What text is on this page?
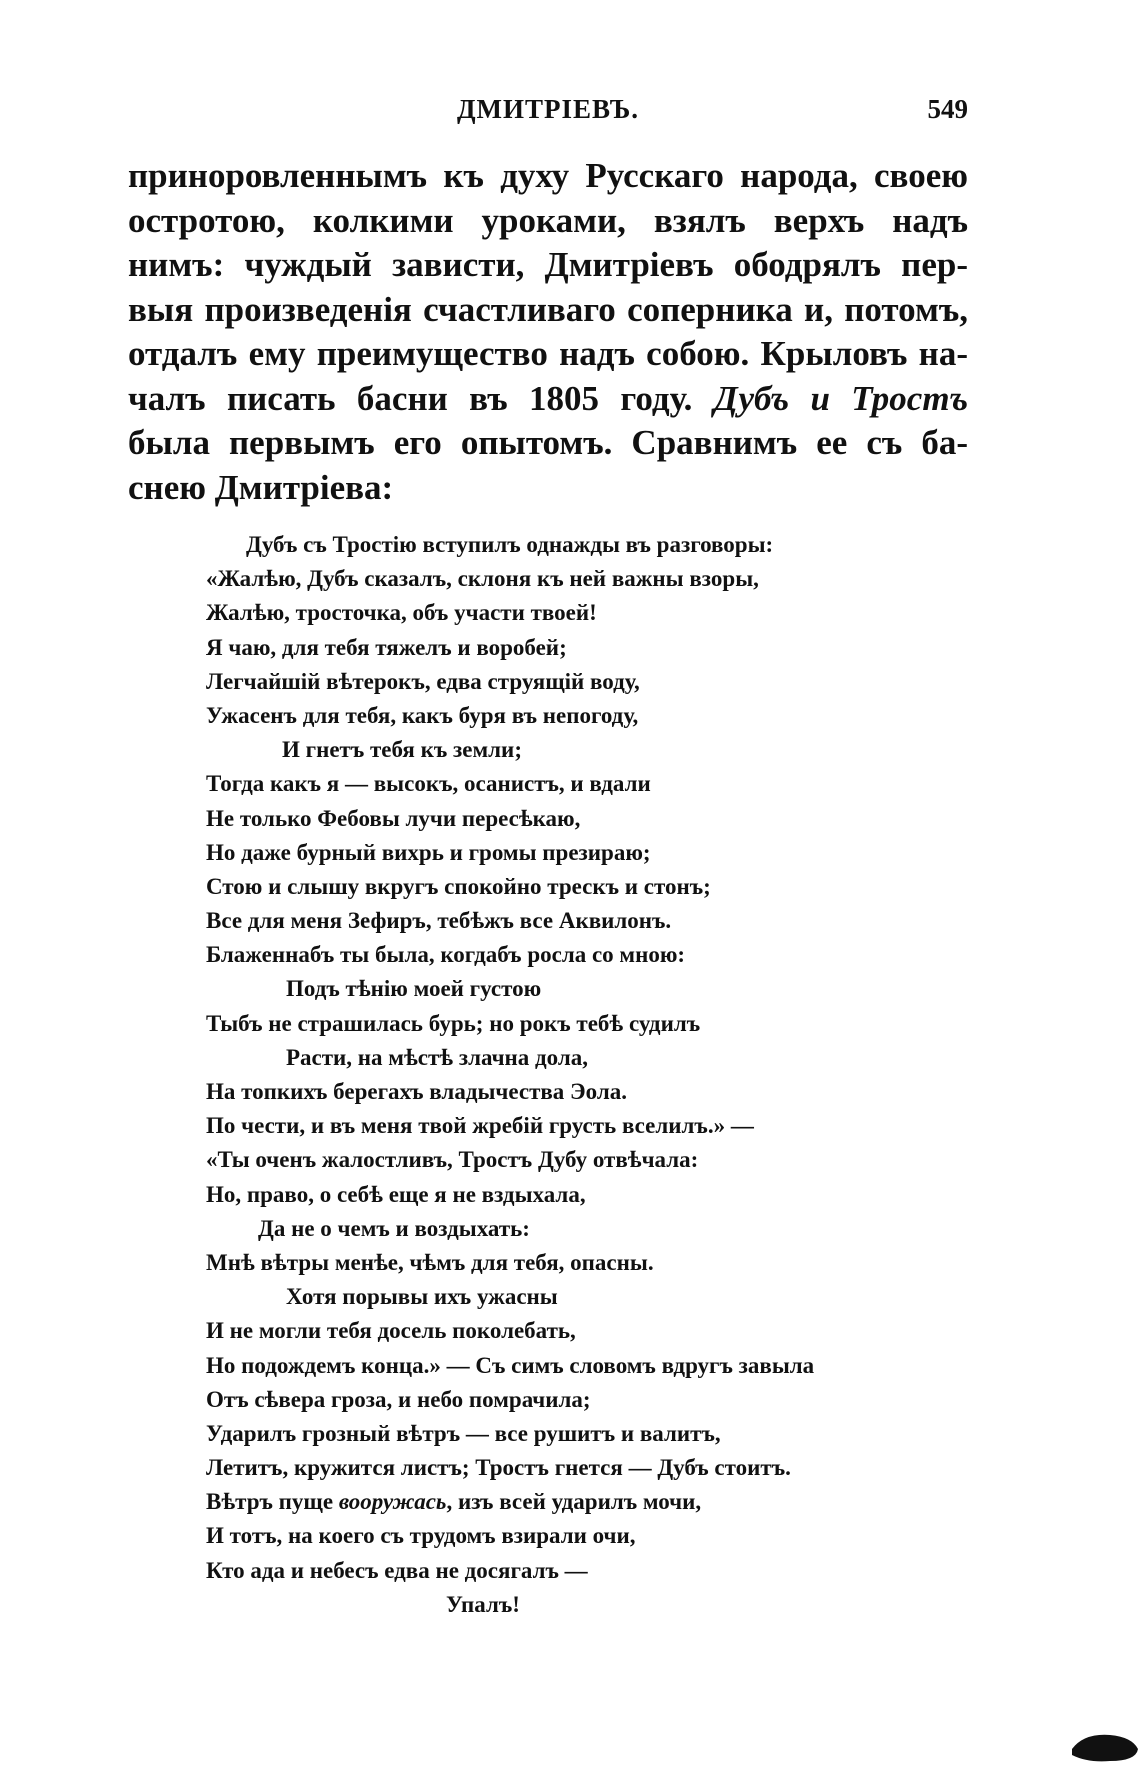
ДМИТРІЕВЪ.	549
приноровленнымъ къ духу Русскаго народа, своею
остротою, колкими уроками, взялъ верхъ надъ
нимъ: чуждый зависти, Дмитріевъ ободрялъ пер-
выя произведенія счастливаго соперника и, потомъ,
отдалъ ему преимущество надъ собою. Крыловъ на-
чалъ писать басни въ 1805 году. Дубъ и Тростъ
была первымъ его опытомъ. Сравнимъ ее съ ба-
снею Дмитріева:
Дубъ съ Тростію вступилъ однажды въ разговоры:
«Жалѣю, Дубъ сказалъ, склоня къ ней важны взоры,
Жалѣю, тросточка, объ участи твоей!
Я чаю, для тебя тяжелъ и воробей;
Легчайшій вѣтерокъ, едва струящій воду,
Ужасенъ для тебя, какъ буря въ непогоду,
И гнетъ тебя къ земли;
Тогда какъ я — высокъ, осанистъ, и вдали
Не только Фебовы лучи пересѣкаю,
Но даже бурный вихрь и громы презираю;
Стою и слышу вкругъ спокойно трескъ и стонъ;
Все для меня Зефиръ, тебѣжъ все Аквилонъ.
Блаженнабъ ты была, когдабъ росла со мною:
Подъ тѣнію моей густою
Тыбъ не страшилась бурь; но рокъ тебѣ судилъ
Расти, на мѣстѣ злачна дола,
На топкихъ берегахъ владычества Эола.
По чести, и въ меня твой жребій грусть вселилъ.» —
«Ты оченъ жалостливъ, Тростъ Дубу отвѣчала:
Но, право, о себѣ еще я не вздыхала,
Да не о чемъ и воздыхать:
Мнѣ вѣтры менѣе, чѣмъ для тебя, опасны.
Хотя порывы ихъ ужасны
И не могли тебя досель поколебать,
Но подождемъ конца.» — Съ симъ словомъ вдругъ завыла
Отъ сѣвера гроза, и небо помрачила;
Ударилъ грозный вѣтръ — все рушитъ и валитъ,
Летитъ, кружится листъ; Тростъ гнется — Дубъ стоитъ.
Вѣтръ пуще вооружась, изъ всей ударилъ мочи,
И тотъ, на коего съ трудомъ взирали очи,
Кто ада и небесъ едва не досягалъ —
Упалъ!
